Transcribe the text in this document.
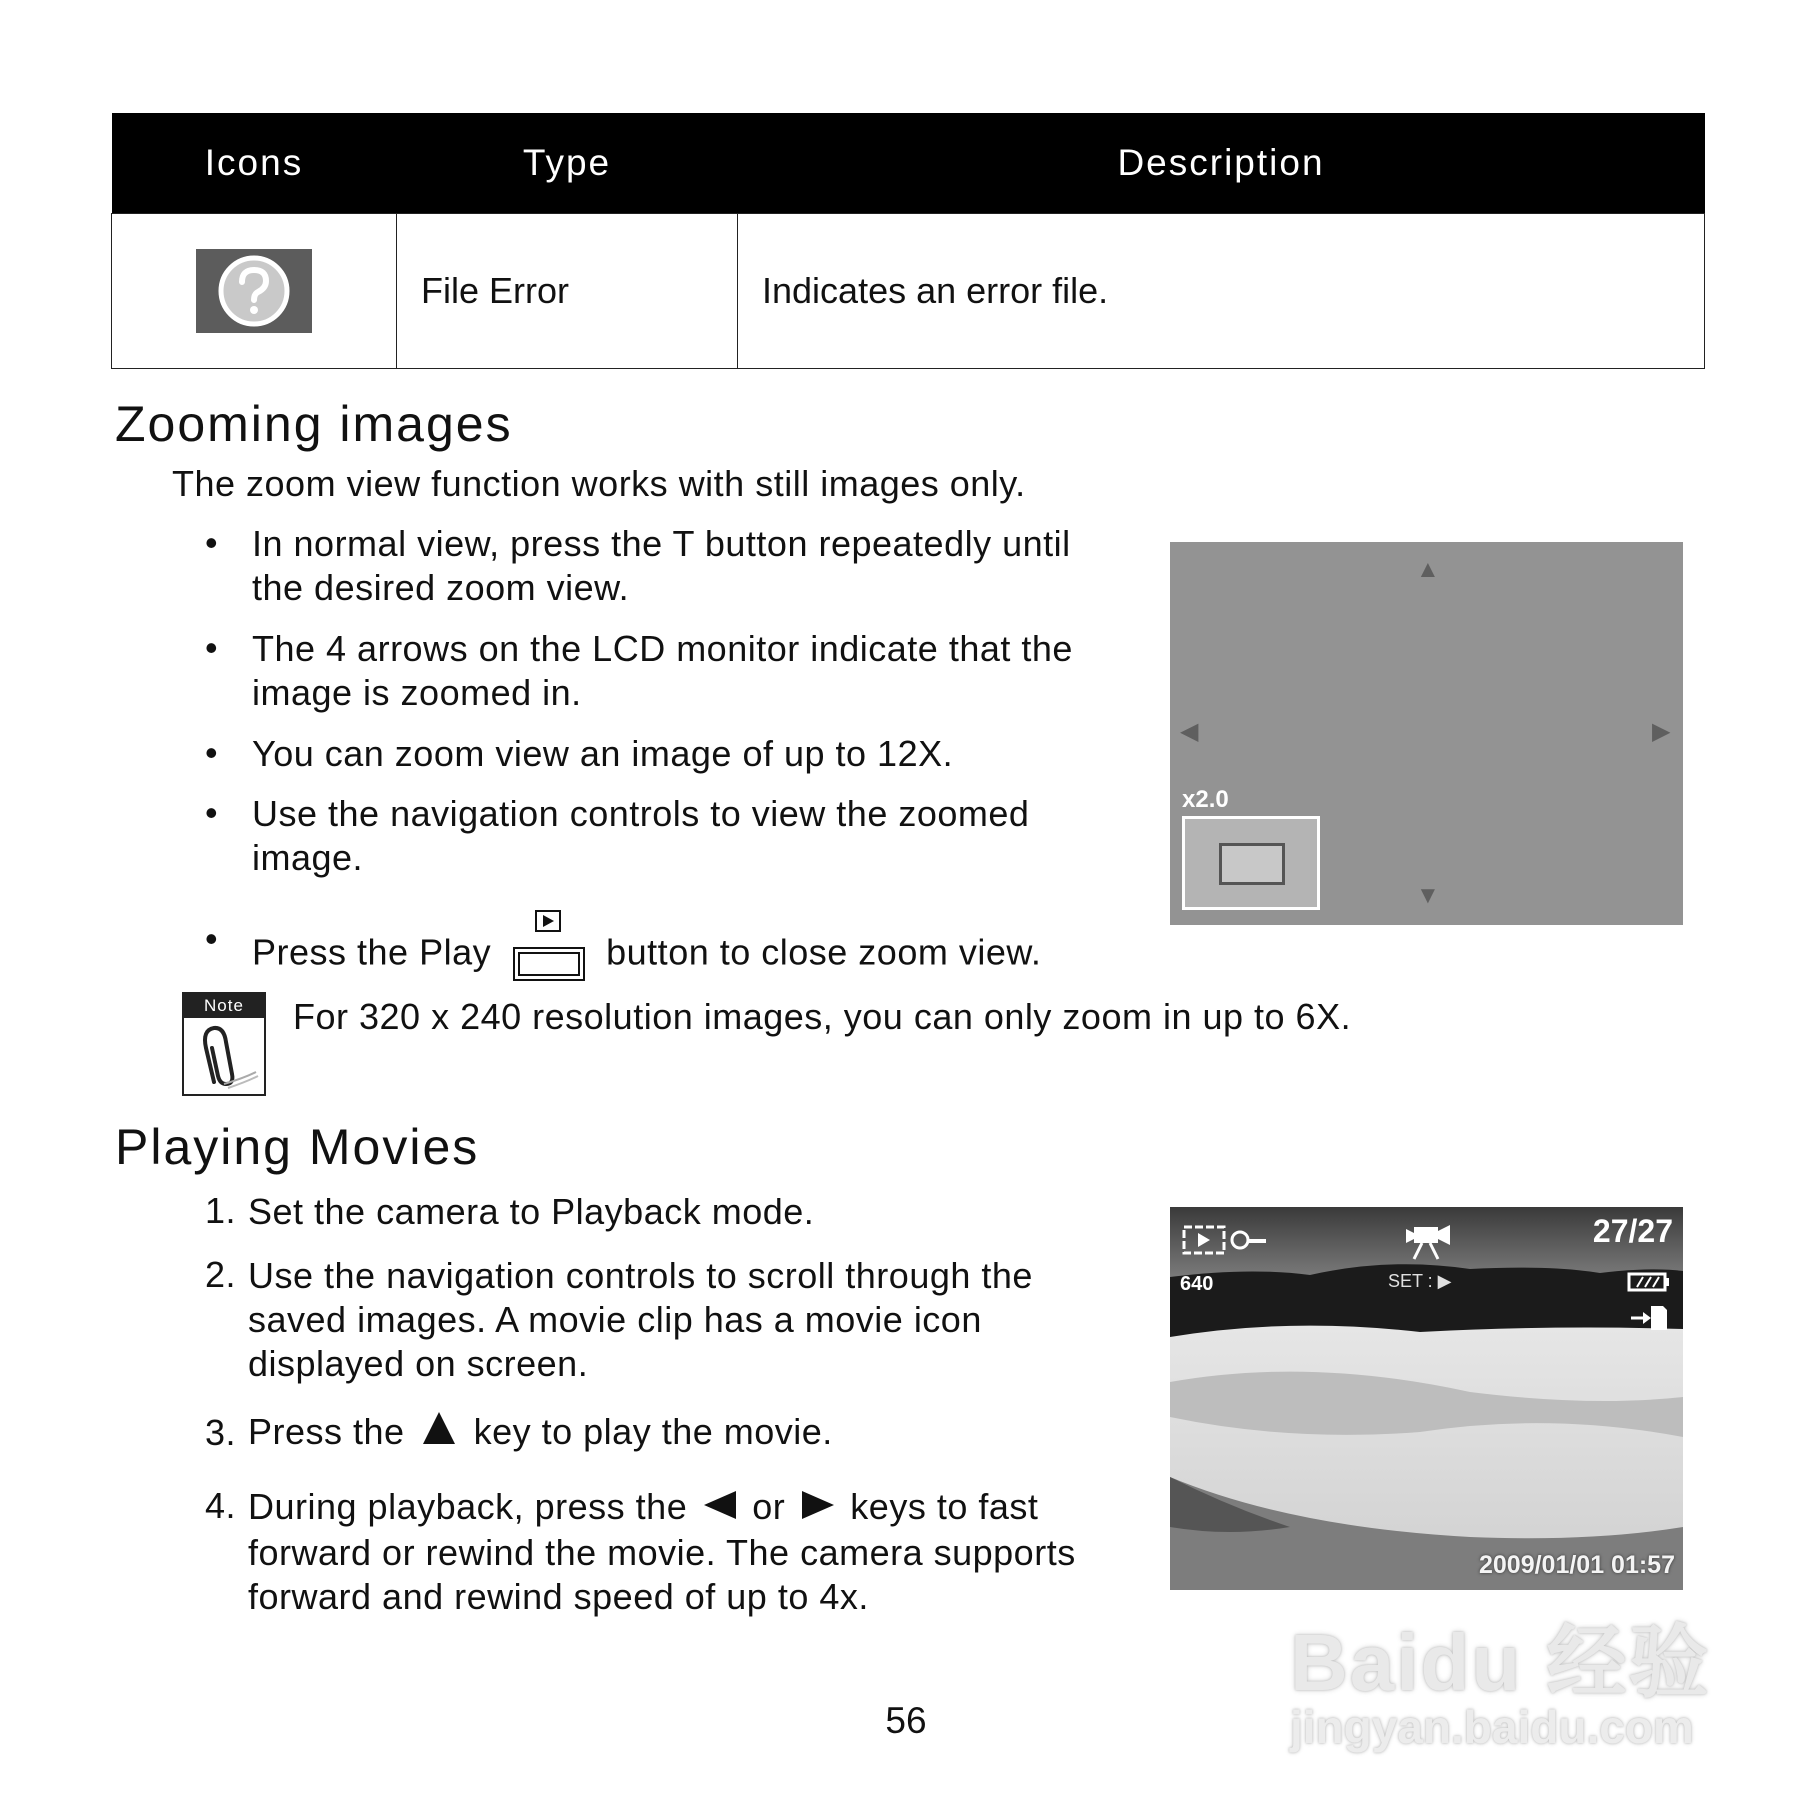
Icons	Type	Description

	File Error	Indicates an error file.
Zooming images
The zoom view function works with still images only.
• In normal view, press the T button repeatedly until the desired zoom view.
• The 4 arrows on the LCD monitor indicate that the image is zoomed in.
• You can zoom view an image of up to 12X.
• Use the navigation controls to view the zoomed image.
• Press the Play	button to close zoom view.
▲
◀	▶
▼
x2.0
Note	For 320 x 240 resolution images, you can only zoom in up to 6X.
Playing Movies
1. Set the camera to Playback mode.
2. Use the navigation controls to scroll through the saved images. A movie clip has a movie icon displayed on screen.
3. Press the key to play the movie.
4. During playback, press the or keys to fast forward or rewind the movie. The camera supports forward and rewind speed of up to 4x.
27/27
640	SET : ▶
2009/01/01 01:57
56
Baidu 经验
jingyan.baidu.com
